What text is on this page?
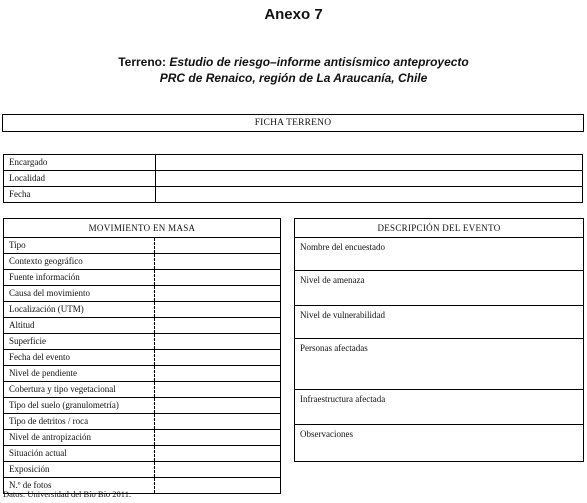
Anexo 7
Terreno: Estudio de riesgo–informe antisísmico anteproyecto
PRC de Renaico, región de La Araucanía, Chile
FICHA TERRENO
Encargado	
Localidad	
Fecha	
MOVIMIENTO EN MASA	
Tipo	
Contexto geográfico	
Fuente información	
Causa del movimiento	
Localización (UTM)	
Altitud	
Superficie	
Fecha del evento	
Nivel de pendiente	
Cobertura y tipo vegetacional	
Tipo del suelo (granulometría)	
Tipo de detritos / roca	
Nivel de antropización	
Situación actual	
Exposición	
N.º de fotos	
DESCRIPCIÓN DEL EVENTO
Nombre del encuestado
Nivel de amenaza
Nivel de vulnerabilidad
Personas afectadas
Infraestructura afectada
Observaciones
Datos: Universidad del Bío Bío 2011.
